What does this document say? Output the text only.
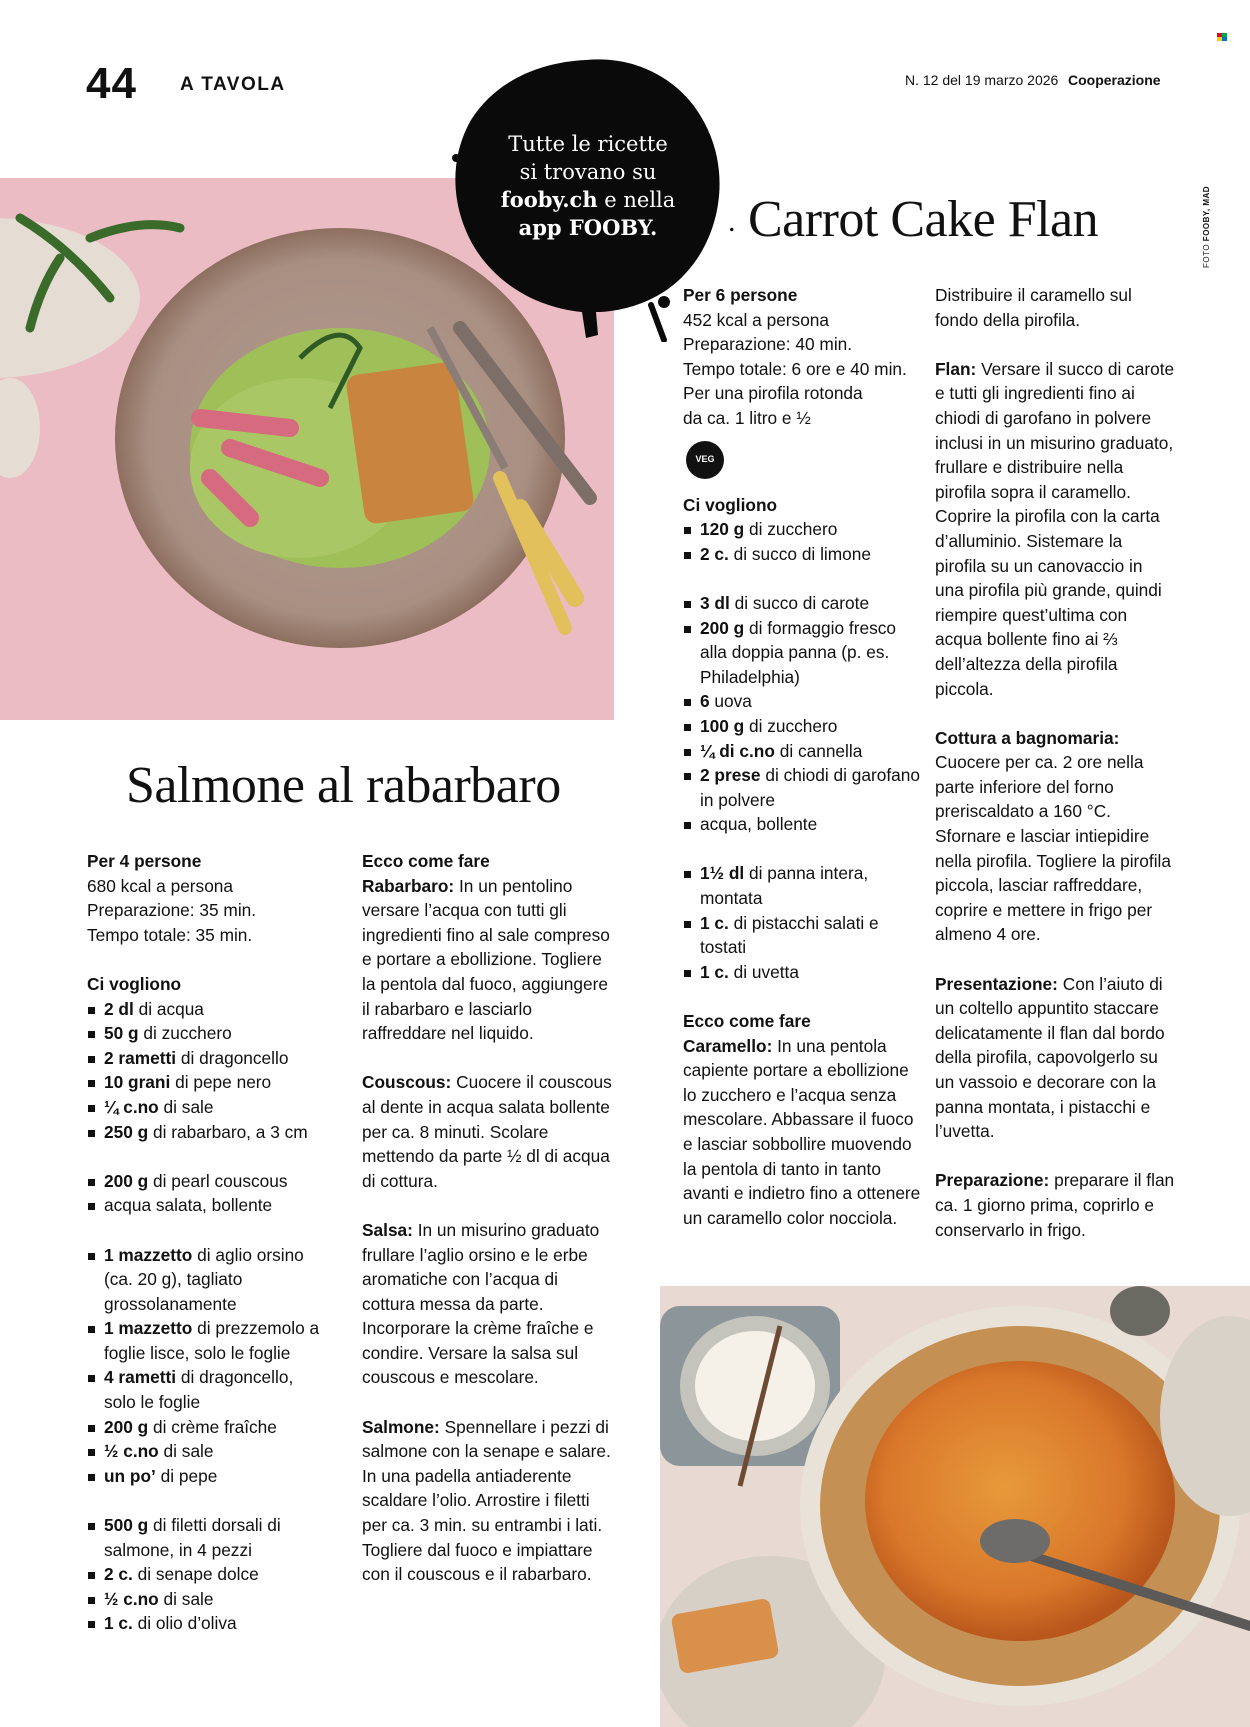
44 A TAVOLA	N. 12 del 19 marzo 2026 Cooperazione
FOTO FOOBY, MAD
Tutte le ricette
si trovano su
fooby.ch e nella
app FOOBY.	. Carrot Cake Flan
Salmone al rabarbaro

Per 6 persone

452 kcal a persona

Preparazione: 40 min.

Tempo totale: 6 ore e 40 min.

Per una pirofila rotonda

da ca. 1 litro e ½

VEG

Ci vogliono

120 g di zucchero
2 c. di succo di limone
3 dl di succo di carote
200 g di formaggio fresco alla doppia panna (p. es. Philadelphia)
6 uova
100 g di zucchero
¼ di c.no di cannella
2 prese di chiodi di garofano in polvere
acqua, bollente
1½ dl di panna intera, montata
1 c. di pistacchi salati e tostati
1 c. di uvetta

Ecco come fare

Caramello: In una pentola capiente portare a ebollizione lo zucchero e l’acqua senza mescolare. Abbassare il fuoco e lasciar sobbollire muovendo la pentola di tanto in tanto avanti e indietro fino a ottenere un caramello color nocciola.

Distribuire il caramello sul fondo della pirofila.

Flan: Versare il succo di carote e tutti gli ingredienti fino ai chiodi di garofano in polvere inclusi in un misurino graduato, frullare e distribuire nella pirofila sopra il caramello. Coprire la pirofila con la carta d’alluminio. Sistemare la pirofila su un canovaccio in una pirofila più grande, quindi riempire quest’ultima con acqua bollente fino ai ⅔ dell’altezza della pirofila piccola.

Cottura a bagnomaria: Cuocere per ca. 2 ore nella parte inferiore del forno preriscaldato a 160 °C. Sfornare e lasciar intiepidire nella pirofila. Togliere la pirofila piccola, lasciar raffreddare, coprire e mettere in frigo per almeno 4 ore.

Presentazione: Con l’aiuto di un coltello appuntito staccare delicatamente il flan dal bordo della pirofila, capovolgerlo su un vassoio e decorare con la panna montata, i pistacchi e l’uvetta.

Preparazione: preparare il flan ca. 1 giorno prima, coprirlo e conservarlo in frigo.

Per 4 persone

680 kcal a persona

Preparazione: 35 min.

Tempo totale: 35 min.

Ci vogliono

2 dl di acqua
50 g di zucchero
2 rametti di dragoncello
10 grani di pepe nero
¼ c.no di sale
250 g di rabarbaro, a 3 cm
200 g di pearl couscous
acqua salata, bollente
1 mazzetto di aglio orsino (ca. 20 g), tagliato grossolanamente
1 mazzetto di prezzemolo a foglie lisce, solo le foglie
4 rametti di dragoncello, solo le foglie
200 g di crème fraîche
½ c.no di sale
un po’ di pepe
500 g di filetti dorsali di salmone, in 4 pezzi
2 c. di senape dolce
½ c.no di sale
1 c. di olio d’oliva

Ecco come fare

Rabarbaro: In un pentolino versare l’acqua con tutti gli ingredienti fino al sale compreso e portare a ebollizione. Togliere la pentola dal fuoco, aggiungere il rabarbaro e lasciarlo raffreddare nel liquido.

Couscous: Cuocere il couscous al dente in acqua salata bollente per ca. 8 minuti. Scolare mettendo da parte ½ dl di acqua di cottura.

Salsa: In un misurino graduato frullare l’aglio orsino e le erbe aromatiche con l’acqua di cottura messa da parte. Incorporare la crème fraîche e condire. Versare la salsa sul couscous e mescolare.

Salmone: Spennellare i pezzi di salmone con la senape e salare. In una padella antiaderente scaldare l’olio. Arrostire i filetti per ca. 3 min. su entrambi i lati. Togliere dal fuoco e impiattare con il couscous e il rabarbaro.
